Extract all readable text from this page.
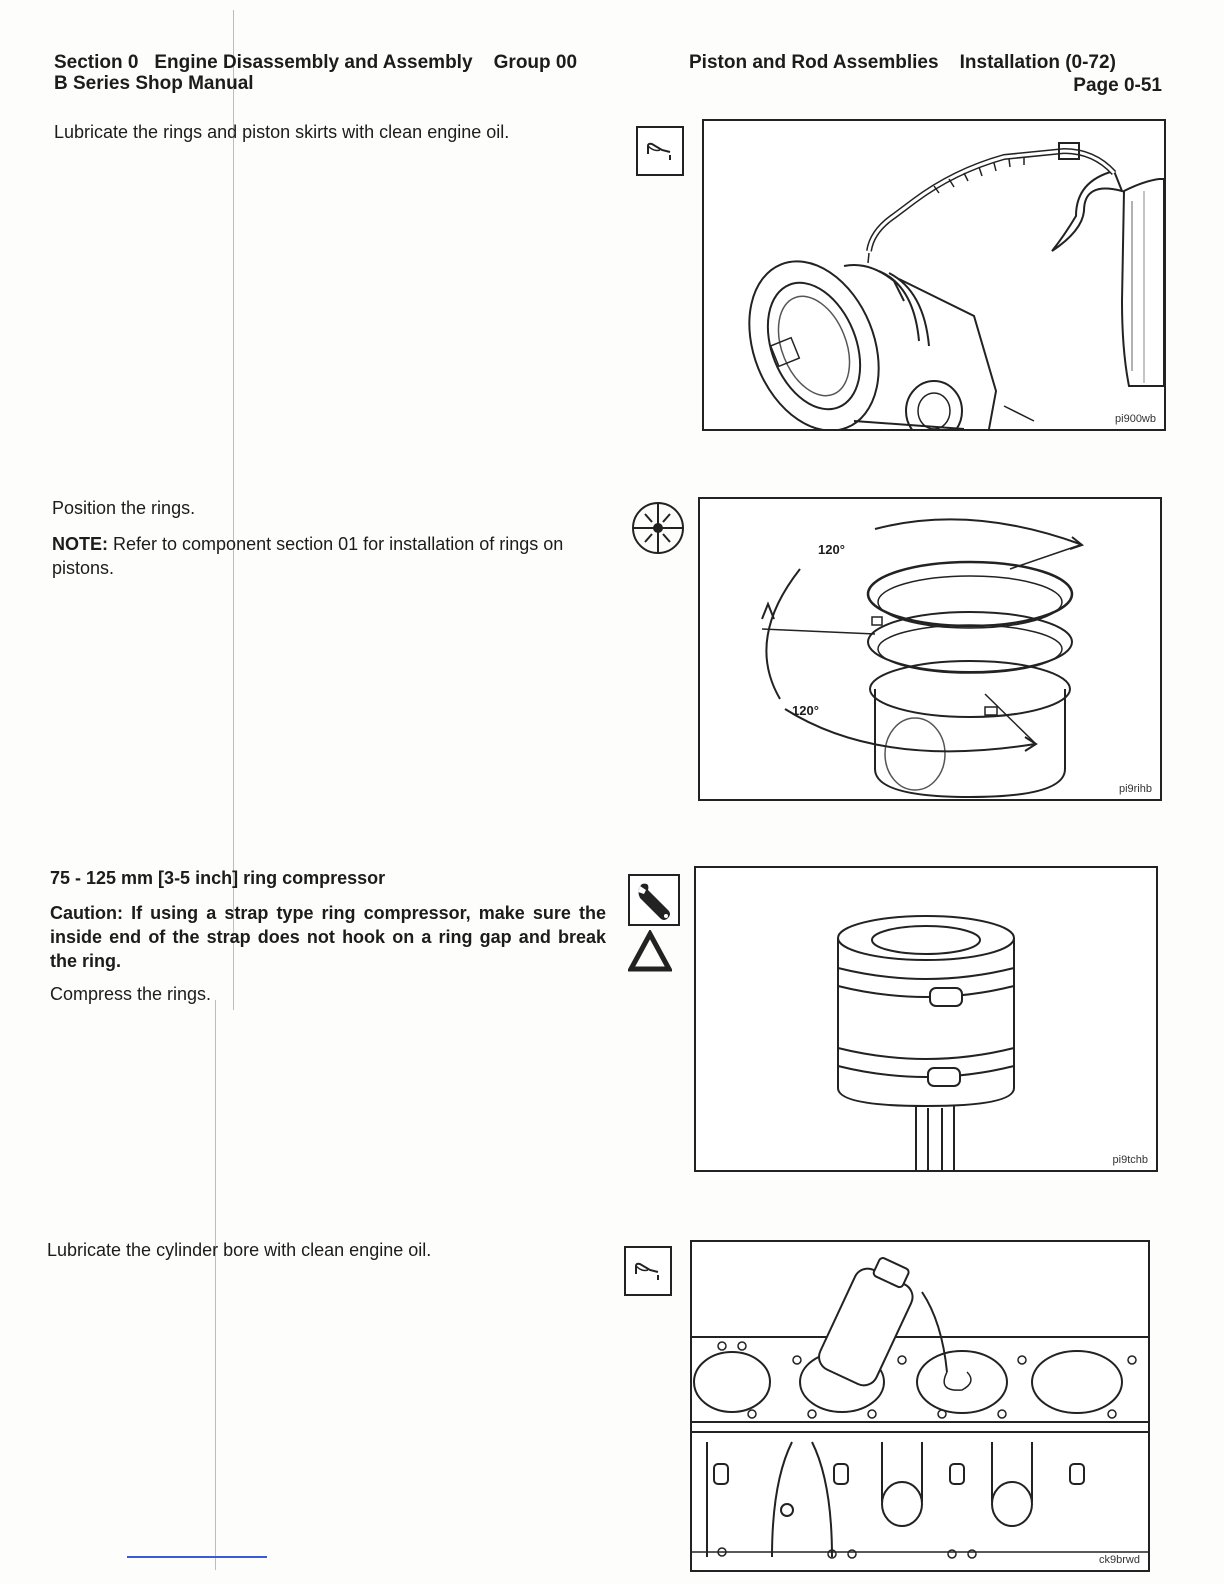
Section 0 Engine Disassembly and Assembly Group 00	Piston and Rod Assemblies Installation (0-72)
B Series Shop Manual	Page 0-51
Lubricate the rings and piston skirts with clean engine oil.
pi900wb
Position the rings.
NOTE: Refer to component section 01 for installation of rings on pistons.
120°
120°
pi9rihb
75 - 125 mm [3-5 inch] ring compressor
Caution: If using a strap type ring compressor, make sure the inside end of the strap does not hook on a ring gap and break the ring.
Compress the rings.
pi9tchb
Lubricate the cylinder bore with clean engine oil.
ck9brwd
